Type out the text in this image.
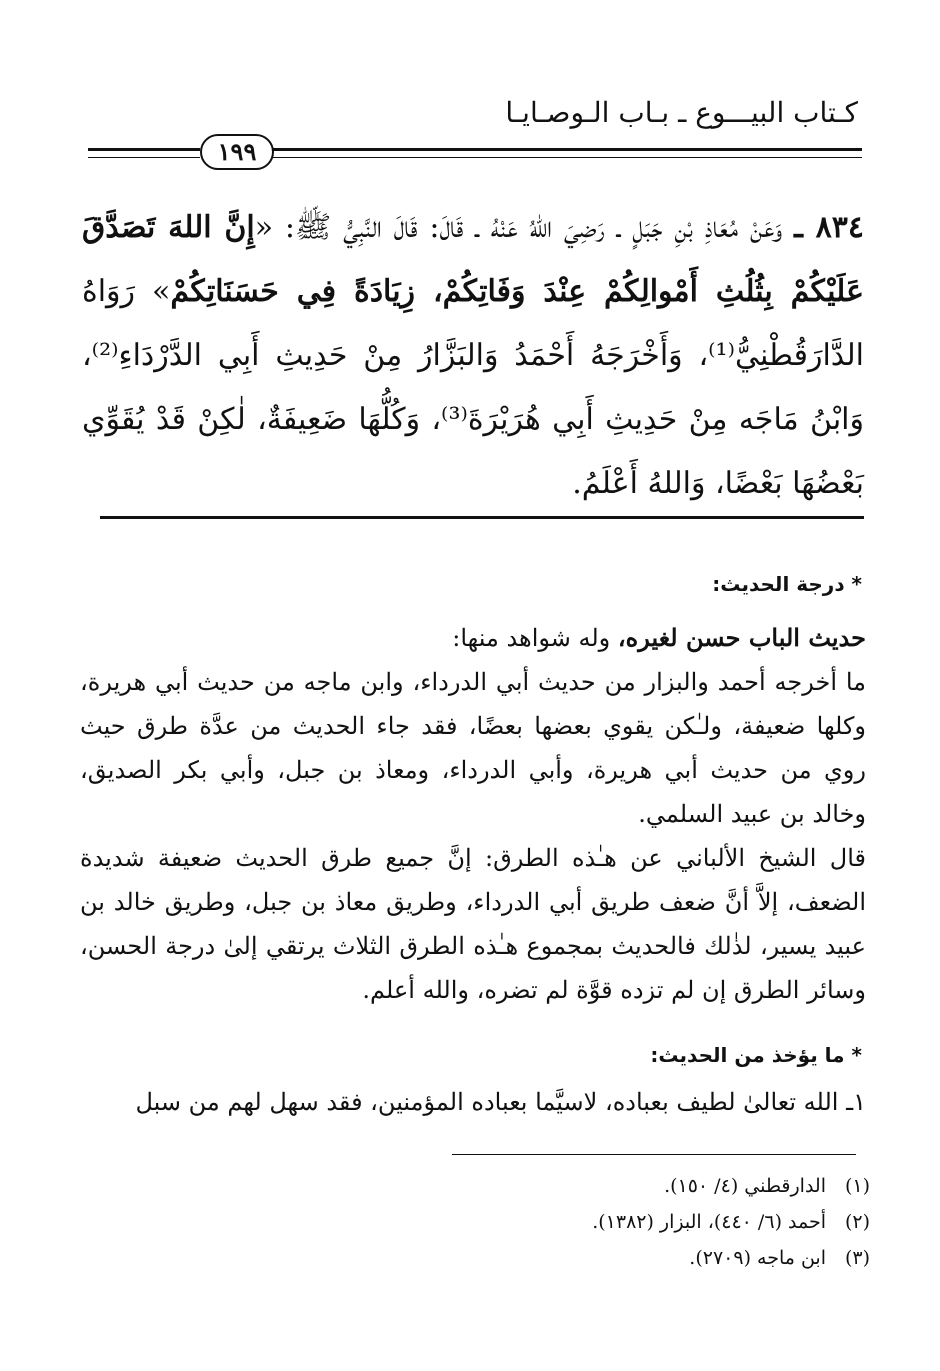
كـتاب البيـــوع ـ بـاب الـوصـايـا
١٩٩
٨٣٤ ـ وَعَنْ مُعَاذِ بْنِ جَبَلٍ ـ رَضِيَ اللهُ عَنْهُ ـ قَالَ: قَالَ النَّبِيُّ ﷺ: «إِنَّ اللهَ تَصَدَّقَ عَلَيْكُمْ بِثُلُثِ أَمْوالِكُمْ عِنْدَ وَفَاتِكُمْ، زِيَادَةً فِي حَسَنَاتِكُمْ» رَوَاهُ الدَّارَقُطْنِيُّ⁽¹⁾، وَأَخْرَجَهُ أَحْمَدُ وَالبَزَّارُ مِنْ حَدِيثِ أَبِي الدَّرْدَاءِ⁽²⁾، وَابْنُ مَاجَه مِنْ حَدِيثِ أَبِي هُرَيْرَةَ⁽³⁾، وَكُلُّهَا ضَعِيفَةٌ، لٰكِنْ قَدْ يُقَوِّي بَعْضُهَا بَعْضًا، وَاللهُ أَعْلَمُ.
* درجة الحديث:
حديث الباب حسن لغيره، وله شواهد منها:
ما أخرجه أحمد والبزار من حديث أبي الدرداء، وابن ماجه من حديث أبي هريرة، وكلها ضعيفة، ولـٰكن يقوي بعضها بعضًا، فقد جاء الحديث من عدَّة طرق حيث روي من حديث أبي هريرة، وأبي الدرداء، ومعاذ بن جبل، وأبي بكر الصديق، وخالد بن عبيد السلمي.
قال الشيخ الألباني عن هـٰذه الطرق: إنَّ جميع طرق الحديث ضعيفة شديدة الضعف، إلاَّ أنَّ ضعف طريق أبي الدرداء، وطريق معاذ بن جبل، وطريق خالد بن عبيد يسير، لذٰلك فالحديث بمجموع هـٰذه الطرق الثلاث يرتقي إلىٰ درجة الحسن، وسائر الطرق إن لم تزده قوَّة لم تضره، والله أعلم.
* ما يؤخذ من الحديث:
١ـ الله تعالىٰ لطيف بعباده، لاسيَّما بعباده المؤمنين، فقد سهل لهم من سبل
(١)الدارقطني (٤/ ١٥٠).
(٢)أحمد (٦/ ٤٤٠)، البزار (١٣٨٢).
(٣)ابن ماجه (٢٧٠٩).
